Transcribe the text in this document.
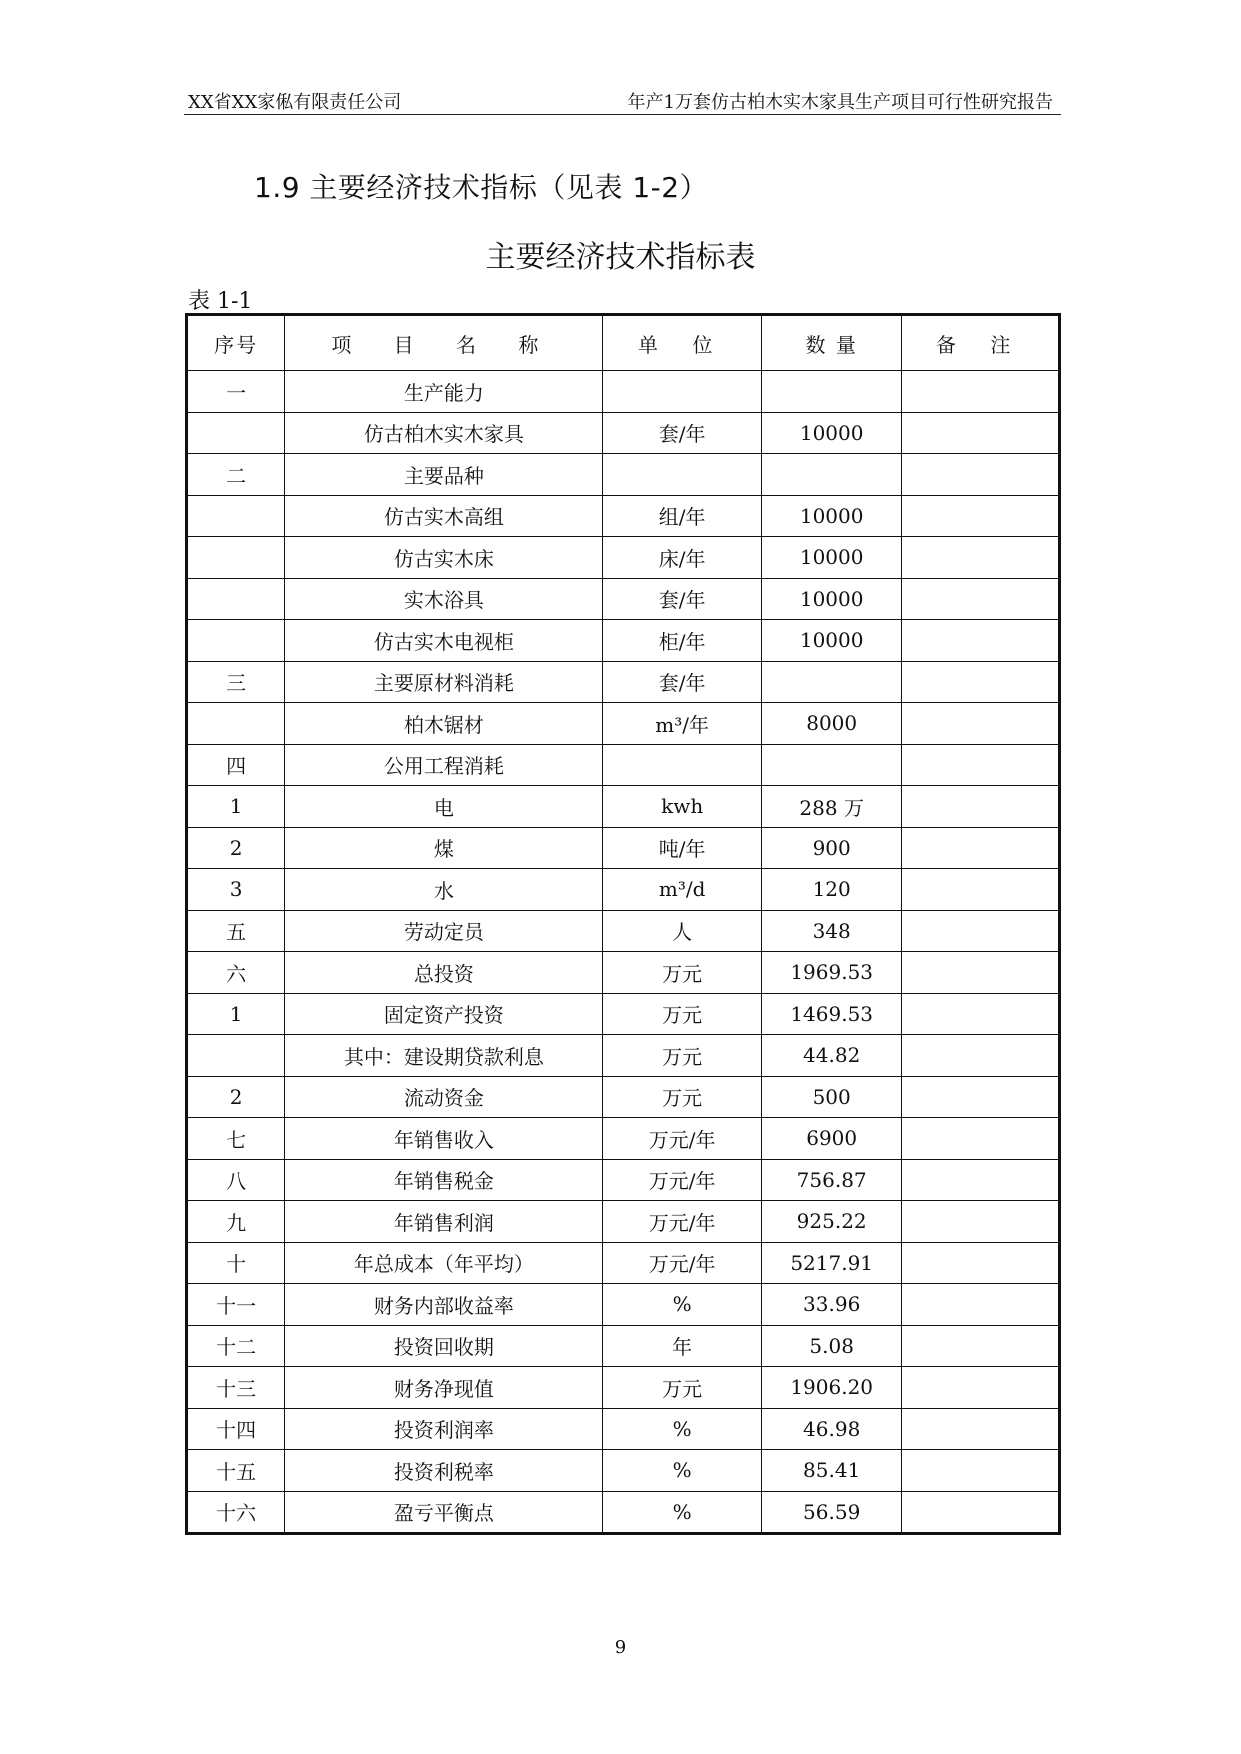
XX省XX家俬有限责任公司	年产1万套仿古柏木实木家具生产项目可行性研究报告
1.9 主要经济技术指标（见表 1-2）
主要经济技术指标表
表 1-1
序号	项 目 名 称	单 位	数 量	备 注
一	生产能力			
	仿古柏木实木家具	套/年	10000	
二	主要品种			
	仿古实木高组	组/年	10000	
	仿古实木床	床/年	10000	
	实木浴具	套/年	10000	
	仿古实木电视柜	柜/年	10000	
三	主要原材料消耗	套/年		
	柏木锯材	m³/年	8000	
四	公用工程消耗			
1	电	kwh	288 万	
2	煤	吨/年	900	
3	水	m³/d	120	
五	劳动定员	人	348	
六	总投资	万元	1969.53	
1	固定资产投资	万元	1469.53	
	其中：建设期贷款利息	万元	44.82	
2	流动资金	万元	500	
七	年销售收入	万元/年	6900	
八	年销售税金	万元/年	756.87	
九	年销售利润	万元/年	925.22	
十	年总成本（年平均）	万元/年	5217.91	
十一	财务内部收益率	%	33.96	
十二	投资回收期	年	5.08	
十三	财务净现值	万元	1906.20	
十四	投资利润率	%	46.98	
十五	投资利税率	%	85.41	
十六	盈亏平衡点	%	56.59	
9
